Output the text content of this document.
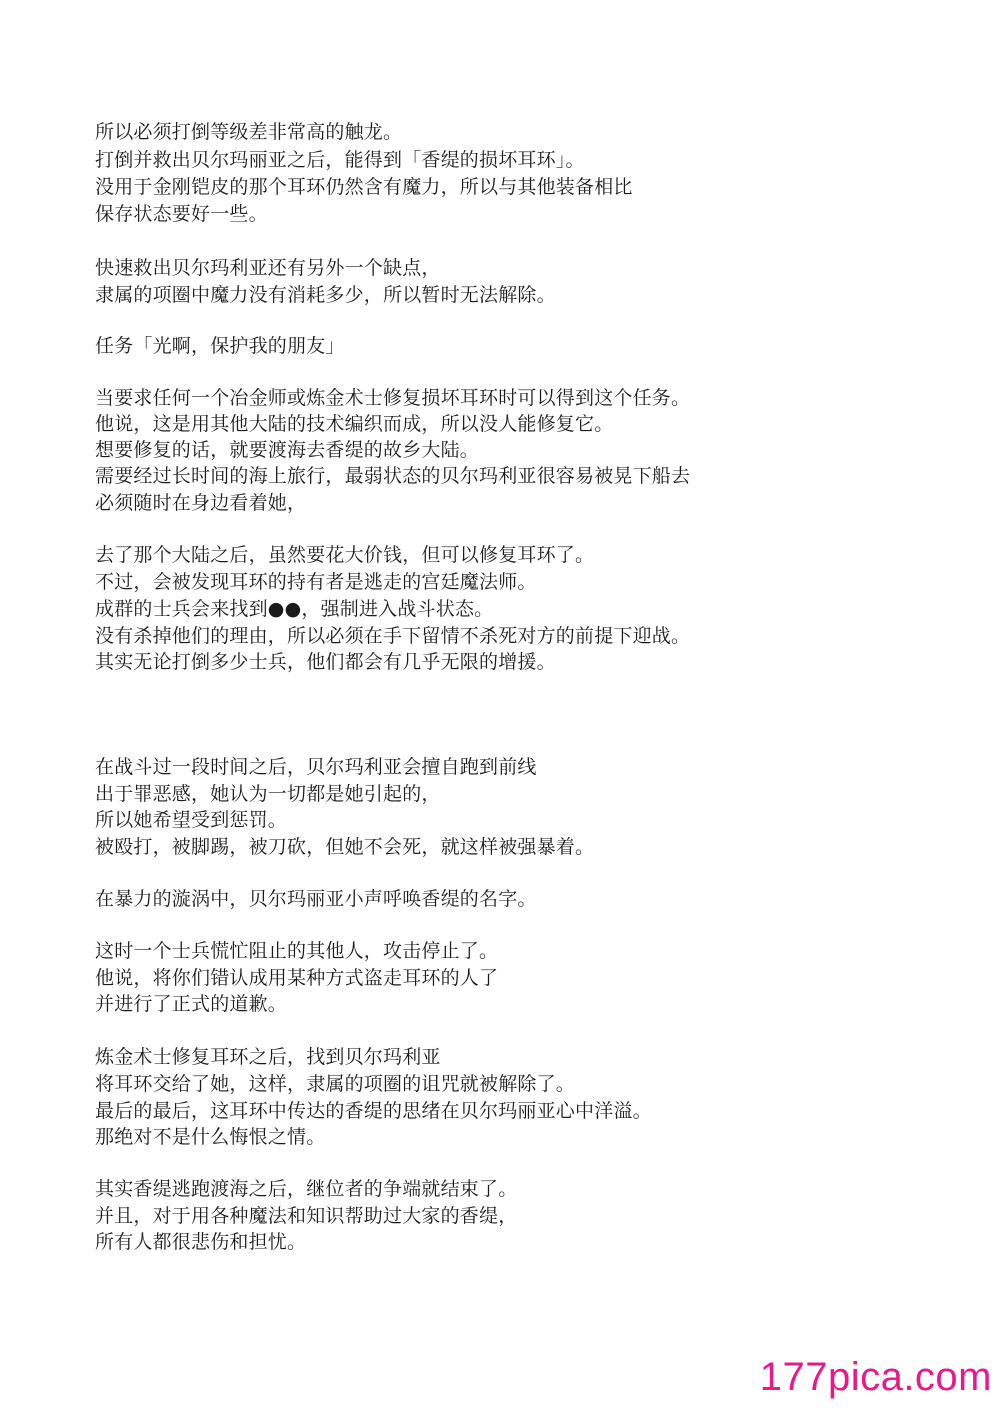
所以必须打倒等级差非常高的触龙。
打倒并救出贝尔玛丽亚之后，能得到「香缇的损坏耳环」。
没用于金刚铠皮的那个耳环仍然含有魔力，所以与其他装备相比
保存状态要好一些。
快速救出贝尔玛利亚还有另外一个缺点，
隶属的项圈中魔力没有消耗多少，所以暂时无法解除。
任务「光啊，保护我的朋友」
当要求任何一个冶金师或炼金术士修复损坏耳环时可以得到这个任务。
他说，这是用其他大陆的技术编织而成，所以没人能修复它。
想要修复的话，就要渡海去香缇的故乡大陆。
需要经过长时间的海上旅行，最弱状态的贝尔玛利亚很容易被晃下船去
必须随时在身边看着她，
去了那个大陆之后，虽然要花大价钱，但可以修复耳环了。
不过，会被发现耳环的持有者是逃走的宫廷魔法师。
成群的士兵会来找到●●，强制进入战斗状态。
没有杀掉他们的理由，所以必须在手下留情不杀死对方的前提下迎战。
其实无论打倒多少士兵，他们都会有几乎无限的增援。
在战斗过一段时间之后，贝尔玛利亚会擅自跑到前线
出于罪恶感，她认为一切都是她引起的，
所以她希望受到惩罚。
被殴打，被脚踢，被刀砍，但她不会死，就这样被强暴着。
在暴力的漩涡中，贝尔玛丽亚小声呼唤香缇的名字。
这时一个士兵慌忙阻止的其他人，攻击停止了。
他说，将你们错认成用某种方式盗走耳环的人了
并进行了正式的道歉。
炼金术士修复耳环之后，找到贝尔玛利亚
将耳环交给了她，这样，隶属的项圈的诅咒就被解除了。
最后的最后，这耳环中传达的香缇的思绪在贝尔玛丽亚心中洋溢。
那绝对不是什么悔恨之情。
其实香缇逃跑渡海之后，继位者的争端就结束了。
并且，对于用各种魔法和知识帮助过大家的香缇，
所有人都很悲伤和担忧。
177pica.com
